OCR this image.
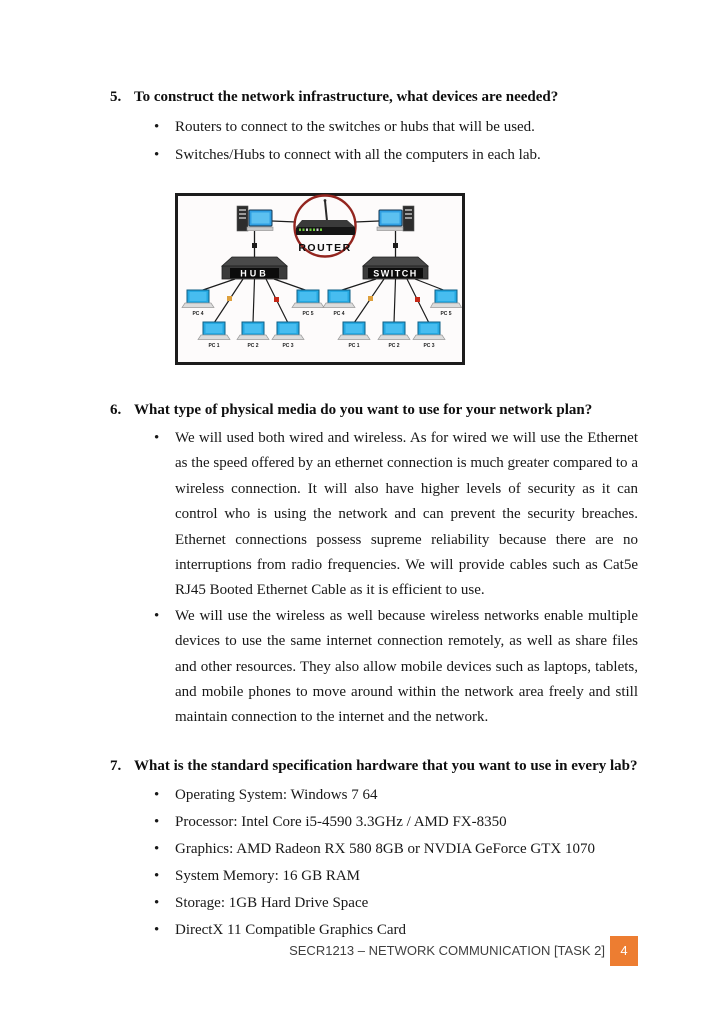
5. To construct the network infrastructure, what devices are needed?
• Routers to connect to the switches or hubs that will be used.
• Switches/Hubs to connect with all the computers in each lab.
ROUTER
HUB	SWITCH
PC 4
PC 1	PC 2	PC 3
PC 5	PC 4
PC 1	PC 2	PC 3
PC 5
6. What type of physical media do you want to use for your network plan?
• We will used both wired and wireless. As for wired we will use the Ethernet as the speed offered by an ethernet connection is much greater compared to a wireless connection. It will also have higher levels of security as it can control who is using the network and can prevent the security breaches. Ethernet connections possess supreme reliability because there are no interruptions from radio frequencies. We will provide cables such as Cat5e RJ45 Booted Ethernet Cable as it is efficient to use.
• We will use the wireless as well because wireless networks enable multiple devices to use the same internet connection remotely, as well as share files and other resources. They also allow mobile devices such as laptops, tablets, and mobile phones to move around within the network area freely and still maintain connection to the internet and the network.
7. What is the standard specification hardware that you want to use in every lab?
• Operating System: Windows 7 64
• Processor: Intel Core i5-4590 3.3GHz / AMD FX-8350
• Graphics: AMD Radeon RX 580 8GB or NVDIA GeForce GTX 1070
• System Memory: 16 GB RAM
• Storage: 1GB Hard Drive Space
• DirectX 11 Compatible Graphics Card
SECR1213 – NETWORK COMMUNICATION [TASK 2]	4
